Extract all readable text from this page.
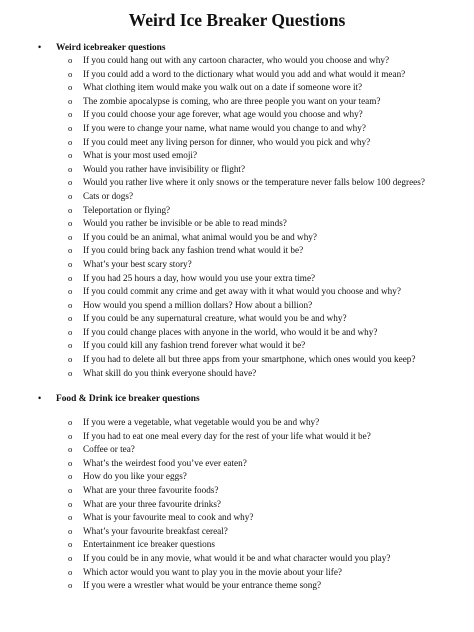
Weird Ice Breaker Questions
• Weird icebreaker questions
o If you could hang out with any cartoon character, who would you choose and why?
o If you could add a word to the dictionary what would you add and what would it mean?
o What clothing item would make you walk out on a date if someone wore it?
o The zombie apocalypse is coming, who are three people you want on your team?
o If you could choose your age forever, what age would you choose and why?
o If you were to change your name, what name would you change to and why?
o If you could meet any living person for dinner, who would you pick and why?
o What is your most used emoji?
o Would you rather have invisibility or flight?
o Would you rather live where it only snows or the temperature never falls below 100 degrees?
o Cats or dogs?
o Teleportation or flying?
o Would you rather be invisible or be able to read minds?
o If you could be an animal, what animal would you be and why?
o If you could bring back any fashion trend what would it be?
o What’s your best scary story?
o If you had 25 hours a day, how would you use your extra time?
o If you could commit any crime and get away with it what would you choose and why?
o How would you spend a million dollars? How about a billion?
o If you could be any supernatural creature, what would you be and why?
o If you could change places with anyone in the world, who would it be and why?
o If you could kill any fashion trend forever what would it be?
o If you had to delete all but three apps from your smartphone, which ones would you keep?
o What skill do you think everyone should have?
• Food & Drink ice breaker questions
o If you were a vegetable, what vegetable would you be and why?
o If you had to eat one meal every day for the rest of your life what would it be?
o Coffee or tea?
o What’s the weirdest food you’ve ever eaten?
o How do you like your eggs?
o What are your three favourite foods?
o What are your three favourite drinks?
o What is your favourite meal to cook and why?
o What’s your favourite breakfast cereal?
o Entertainment ice breaker questions
o If you could be in any movie, what would it be and what character would you play?
o Which actor would you want to play you in the movie about your life?
o If you were a wrestler what would be your entrance theme song?
